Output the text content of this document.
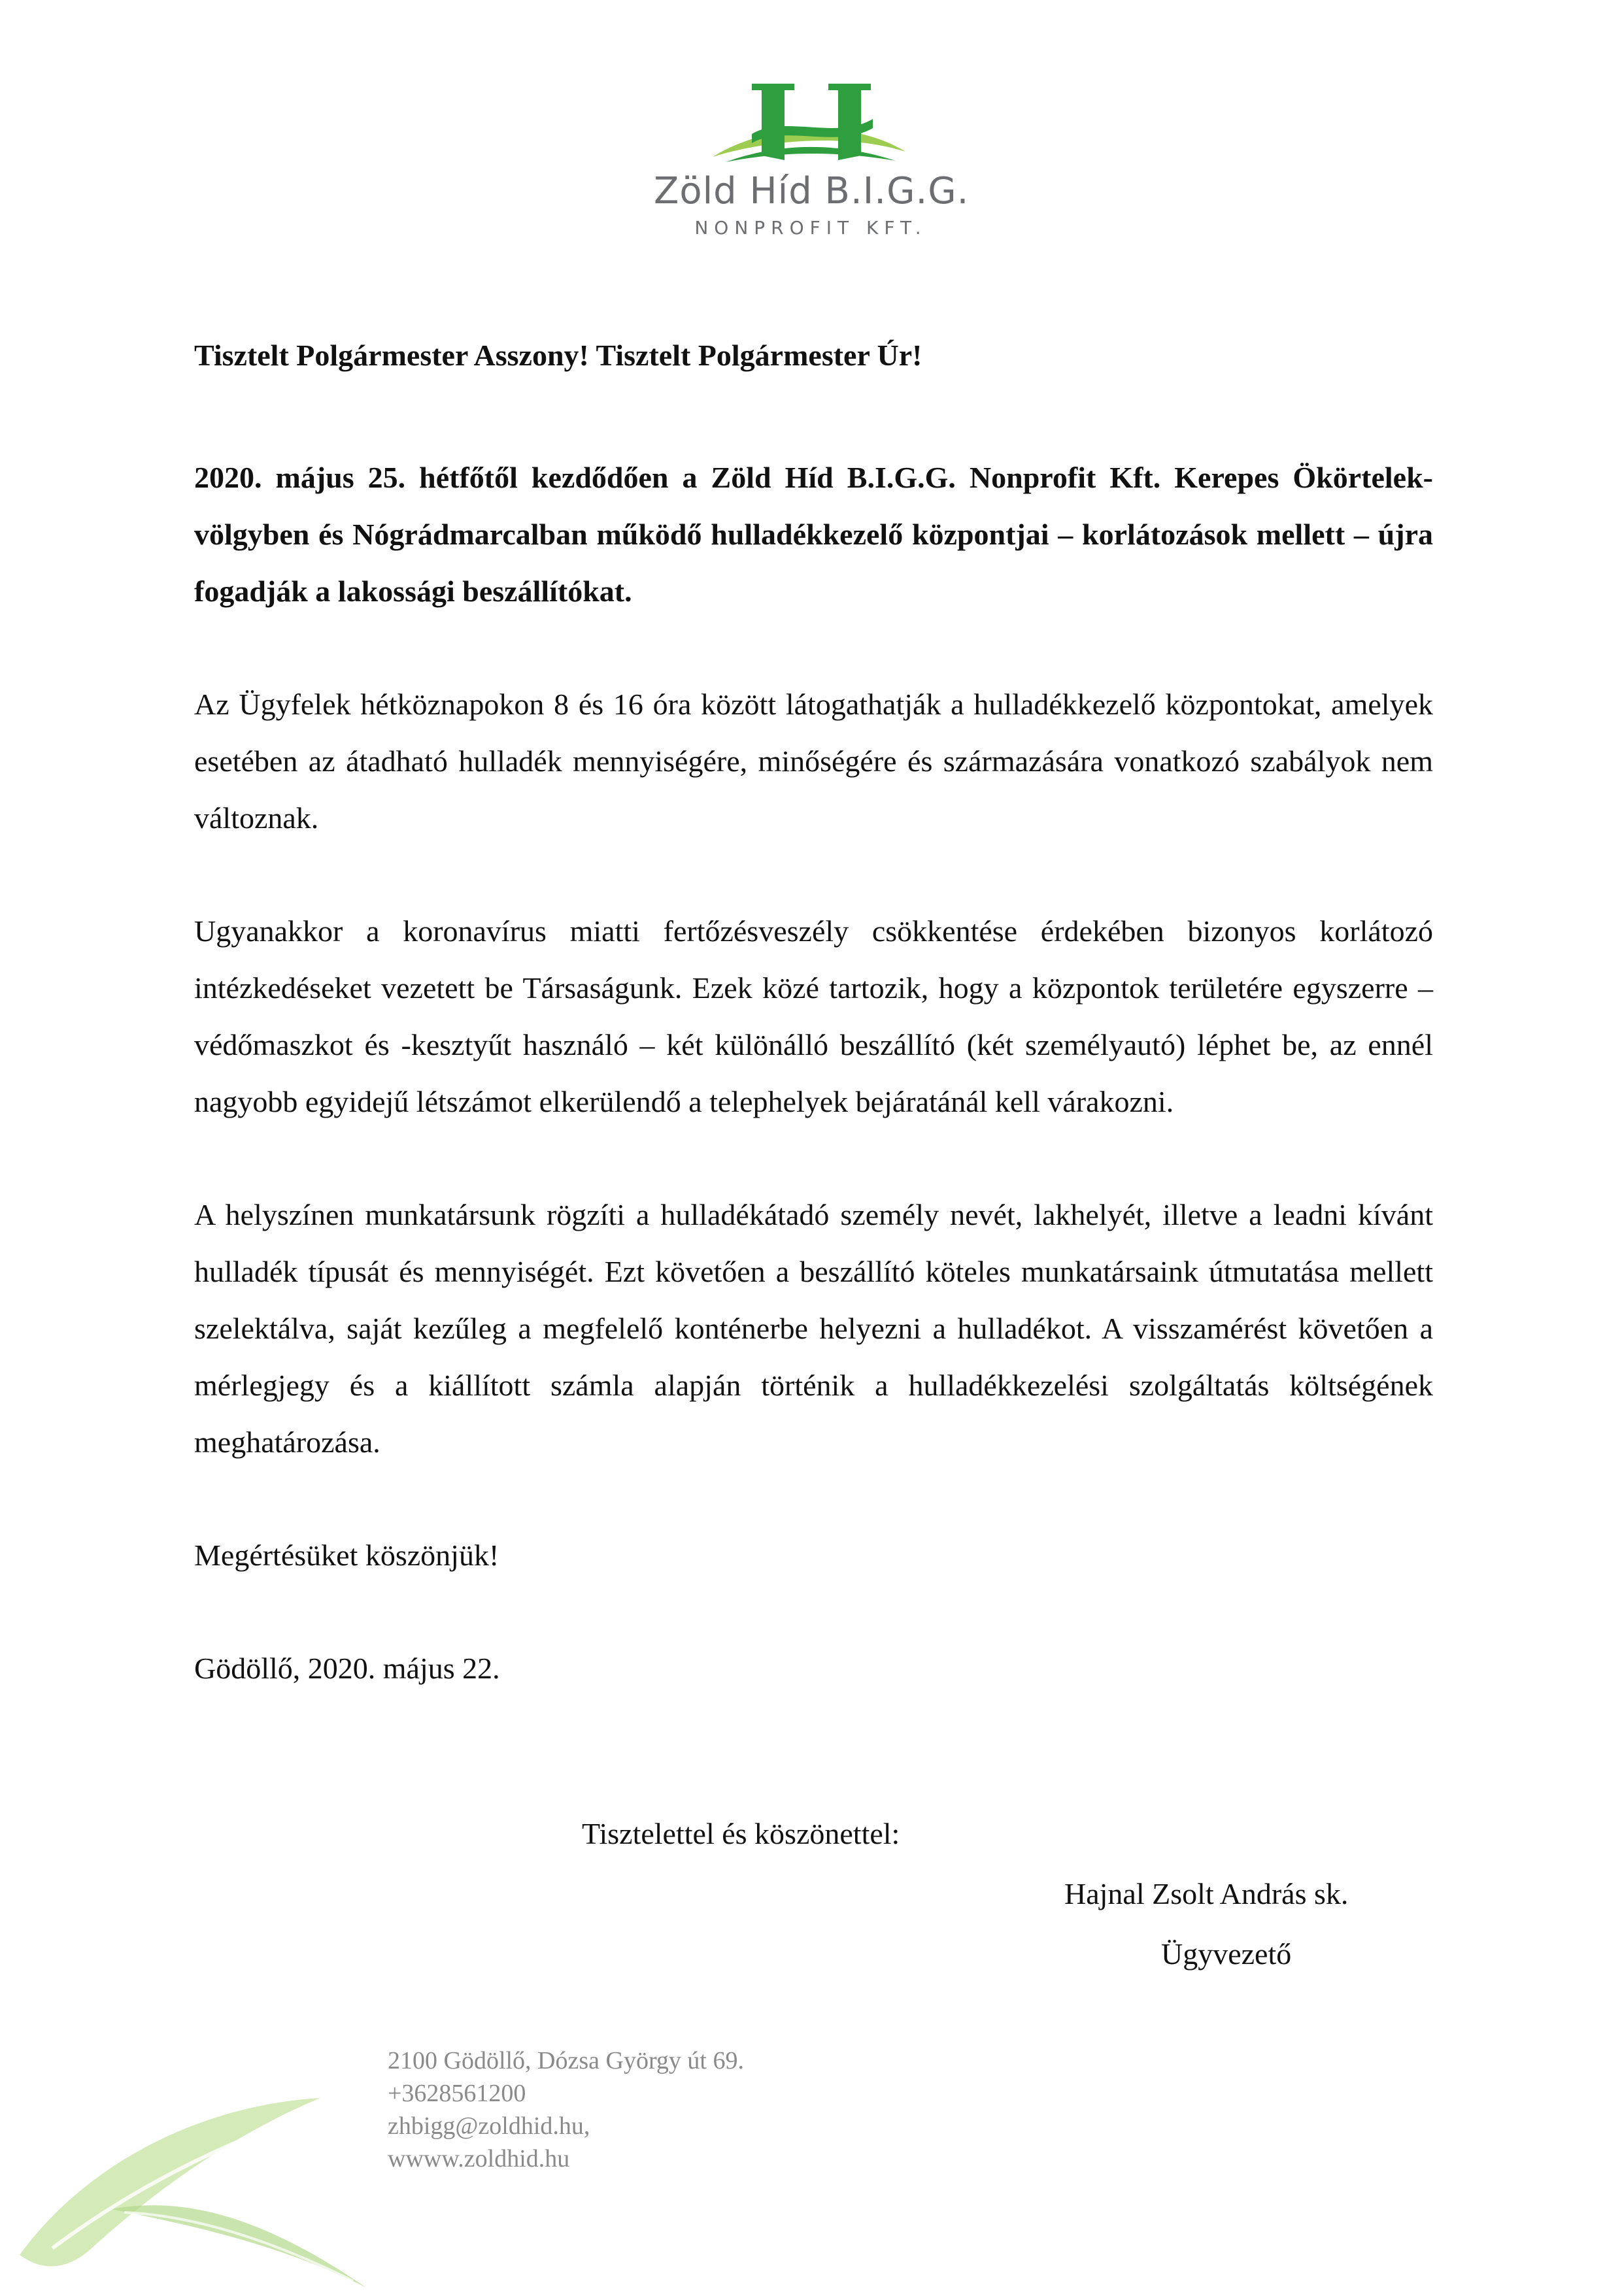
Zöld Híd B.I.G.G.
NONPROFIT KFT.

Tisztelt Polgármester Asszony! Tisztelt Polgármester Úr!

2020. május 25. hétfőtől kezdődően a Zöld Híd B.I.G.G. Nonprofit Kft. Kerepes Ökörtelek-völgyben és Nógrádmarcalban működő hulladékkezelő központjai – korlátozások mellett – újra fogadják a lakossági beszállítókat.

Az Ügyfelek hétköznapokon 8 és 16 óra között látogathatják a hulladékkezelő központokat, amelyek esetében az átadható hulladék mennyiségére, minőségére és származására vonatkozó szabályok nem változnak.

Ugyanakkor a koronavírus miatti fertőzésveszély csökkentése érdekében bizonyos korlátozó intézkedéseket vezetett be Társaságunk. Ezek közé tartozik, hogy a központok területére egyszerre – védőmaszkot és -kesztyűt használó – két különálló beszállító (két személyautó) léphet be, az ennél nagyobb egyidejű létszámot elkerülendő a telephelyek bejáratánál kell várakozni.

A helyszínen munkatársunk rögzíti a hulladékátadó személy nevét, lakhelyét, illetve a leadni kívánt hulladék típusát és mennyiségét. Ezt követően a beszállító köteles munkatársaink útmutatása mellett szelektálva, saját kezűleg a megfelelő konténerbe helyezni a hulladékot. A visszamérést követően a mérlegjegy és a kiállított számla alapján történik a hulladékkezelési szolgáltatás költségének meghatározása.

Megértésüket köszönjük!

Gödöllő, 2020. május 22.

Tisztelettel és köszönettel:
Hajnal Zsolt András sk.
Ügyvezető
2100 Gödöllő, Dózsa György út 69.
+3628561200
zhbigg@zoldhid.hu,
wwww.zoldhid.hu
